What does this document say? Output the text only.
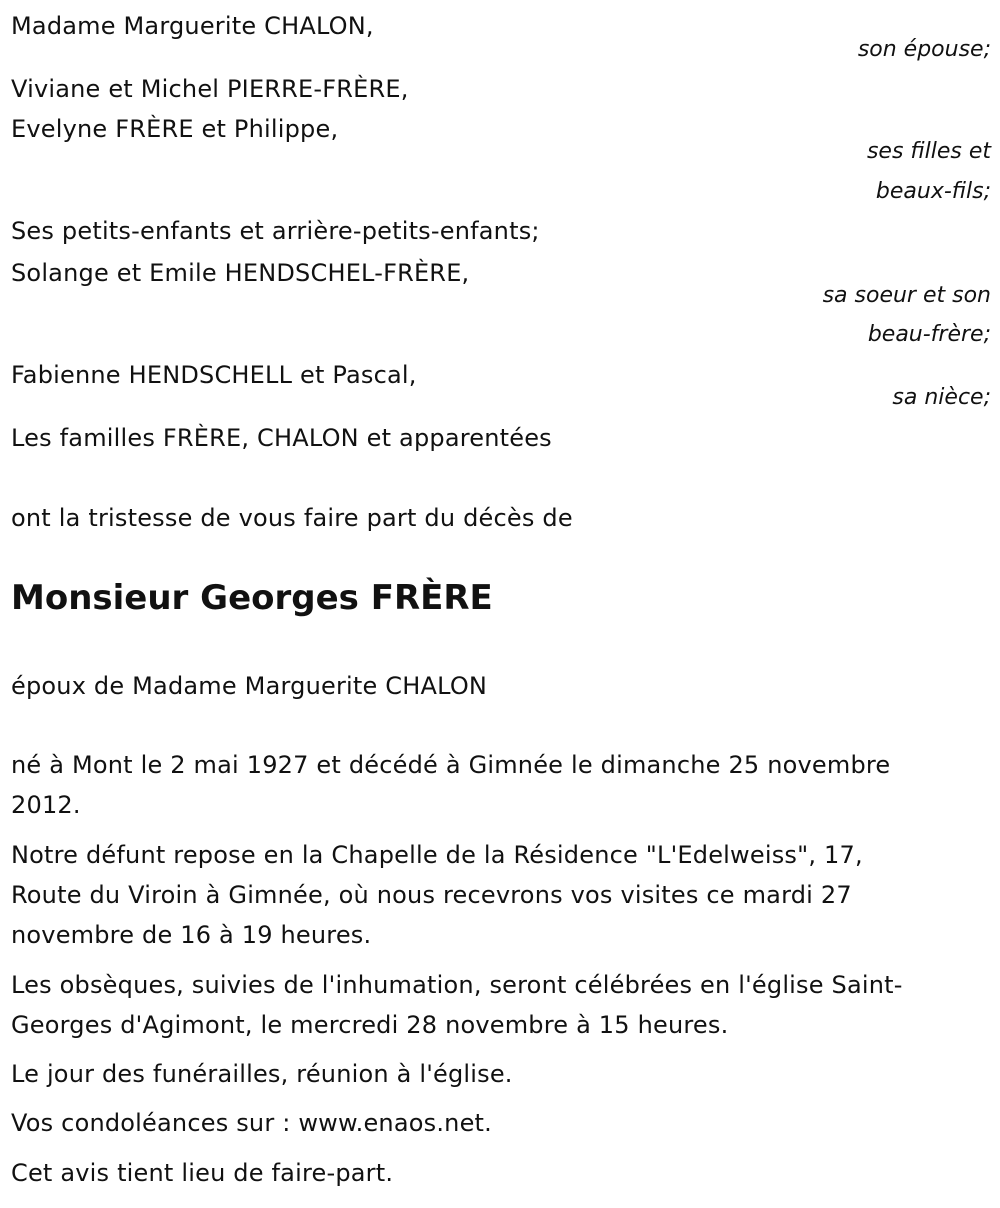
Madame Marguerite CHALON,
son épouse;
Viviane et Michel PIERRE-FRÈRE,
Evelyne FRÈRE et Philippe,
ses filles et
beaux-fils;
Ses petits-enfants et arrière-petits-enfants;
Solange et Emile HENDSCHEL-FRÈRE,
sa soeur et son
beau-frère;
Fabienne HENDSCHELL et Pascal,
sa nièce;
Les familles FRÈRE, CHALON et apparentées
ont la tristesse de vous faire part du décès de
Monsieur Georges FRÈRE
époux de Madame Marguerite CHALON
né à Mont le 2 mai 1927 et décédé à Gimnée le dimanche 25 novembre
2012.
Notre défunt repose en la Chapelle de la Résidence "L'Edelweiss", 17,
Route du Viroin à Gimnée, où nous recevrons vos visites ce mardi 27
novembre de 16 à 19 heures.
Les obsèques, suivies de l'inhumation, seront célébrées en l'église Saint-
Georges d'Agimont, le mercredi 28 novembre à 15 heures.
Le jour des funérailles, réunion à l'église.
Vos condoléances sur : www.enaos.net.
Cet avis tient lieu de faire-part.
